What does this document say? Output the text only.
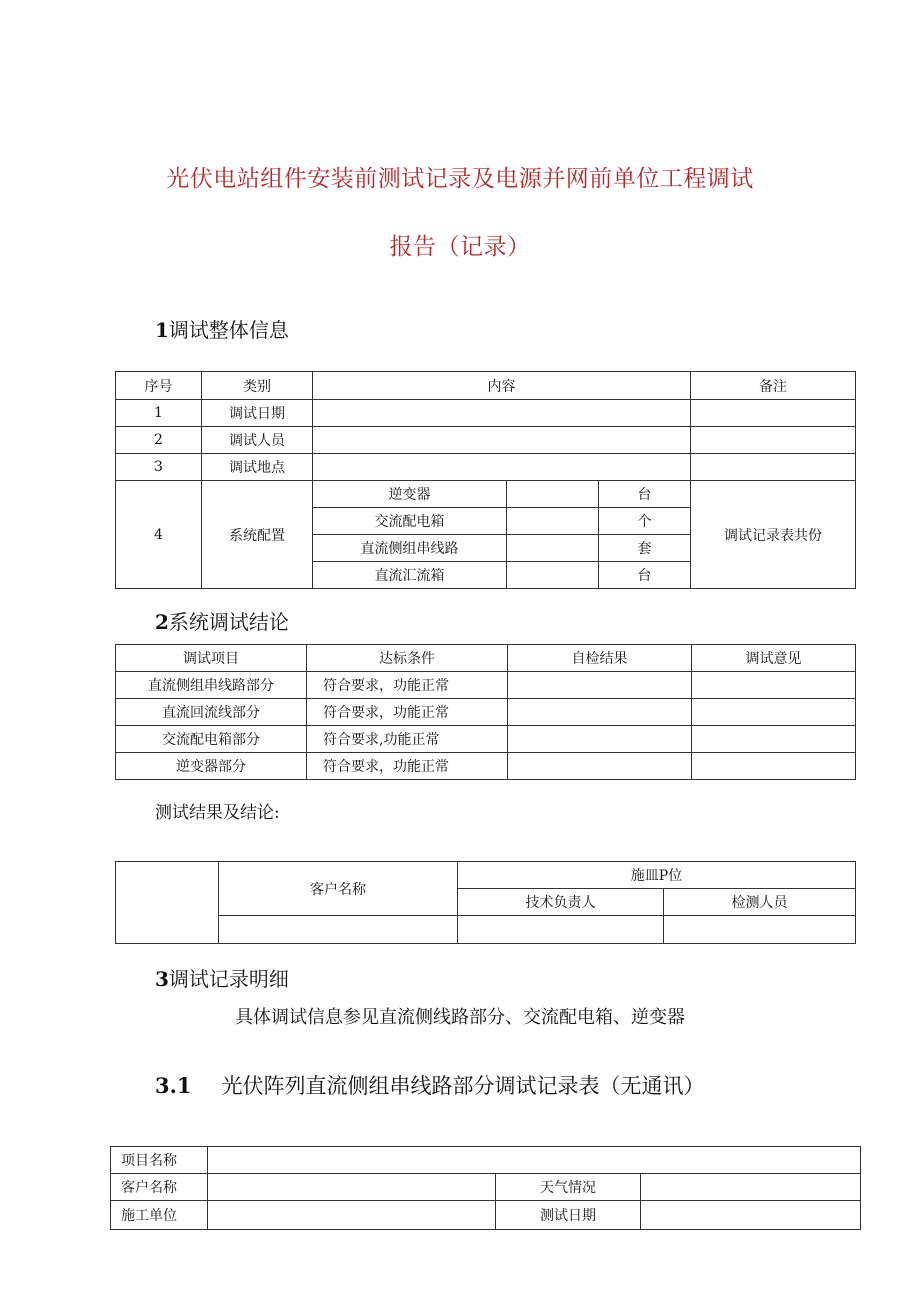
光伏电站组件安装前测试记录及电源并网前单位工程调试
报告（记录）
1调试整体信息
序号	类别	内容			备注
1	调试日期				
2	调试人员				
3	调试地点				
4	系统配置	逆变器		台	调试记录表共份
		交流配电箱		个	
		直流侧组串线路		套	
		直流汇流箱		台	
2系统调试结论
调试项目	达标条件	自检结果	调试意见
直流侧组串线路部分	符合要求，功能正常		
直流回流线部分	符合要求，功能正常		
交流配电箱部分	符合要求,功能正常		
逆变器部分	符合要求，功能正常		
测试结果及结论:
	客户名称	施皿P位	
		技术负责人	检测人员

3调试记录明细
具体调试信息参见直流侧线路部分、交流配电箱、逆变器
3.1 光伏阵列直流侧组串线路部分调试记录表（无通讯）
项目名称			
客户名称		天气情况	
施工单位		测试日期	
